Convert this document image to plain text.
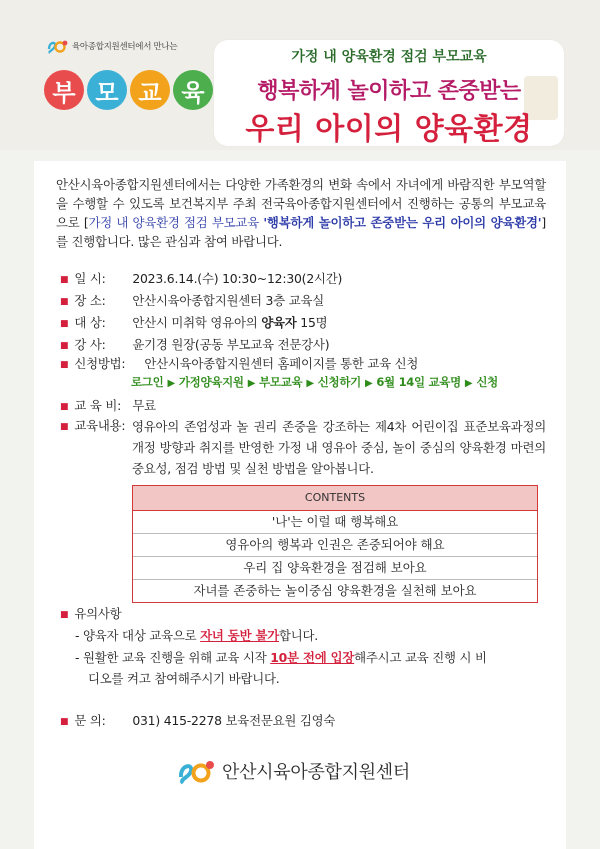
육아종합지원센터에서 만나는
부 모 교 육
가정 내 양육환경 점검 부모교육
행복하게 놀이하고 존중받는
우리 아이의 양육환경
안산시육아종합지원센터에서는 다양한 가족환경의 변화 속에서 자녀에게 바람직한 부모역할을 수행할 수 있도록 보건복지부 주최 전국육아종합지원센터에서 진행하는 공통의 부모교육으로 [가정 내 양육환경 점검 부모교육 '행복하게 놀이하고 존중받는 우리 아이의 양육환경']를 진행합니다. 많은 관심과 참여 바랍니다.
■ 일 시: 2023.6.14.(수) 10:30~12:30(2시간)
■ 장 소: 안산시육아종합지원센터 3층 교육실
■ 대 상: 안산시 미취학 영유아의 양육자 15명
■ 강 사: 윤기경 원장(공동 부모교육 전문강사)
■ 신청방법: 안산시육아종합지원센터 홈페이지를 통한 교육 신청
로그인 ▶ 가정양육지원 ▶ 부모교육 ▶ 신청하기 ▶ 6월 14일 교육명 ▶ 신청
■ 교 육 비: 무료
■ 교육내용: 영유아의 존엄성과 놀 권리 존중을 강조하는 제4차 어린이집 표준보육과정의 개정 방향과 취지를 반영한 가정 내 영유아 중심, 놀이 중심의 양육환경 마련의 중요성, 점검 방법 및 실천 방법을 알아봅니다.
CONTENTS
'나'는 이럴 때 행복해요
영유아의 행복과 인권은 존중되어야 해요
우리 집 양육환경을 점검해 보아요
자녀를 존중하는 놀이중심 양육환경을 실천해 보아요
■ 유의사항
- 양육자 대상 교육으로 자녀 동반 불가합니다.
- 원활한 교육 진행을 위해 교육 시작 10분 전에 입장해주시고 교육 진행 시 비
디오를 켜고 참여해주시기 바랍니다.
■ 문 의: 031) 415-2278 보육전문요원 김영숙
안산시육아종합지원센터
